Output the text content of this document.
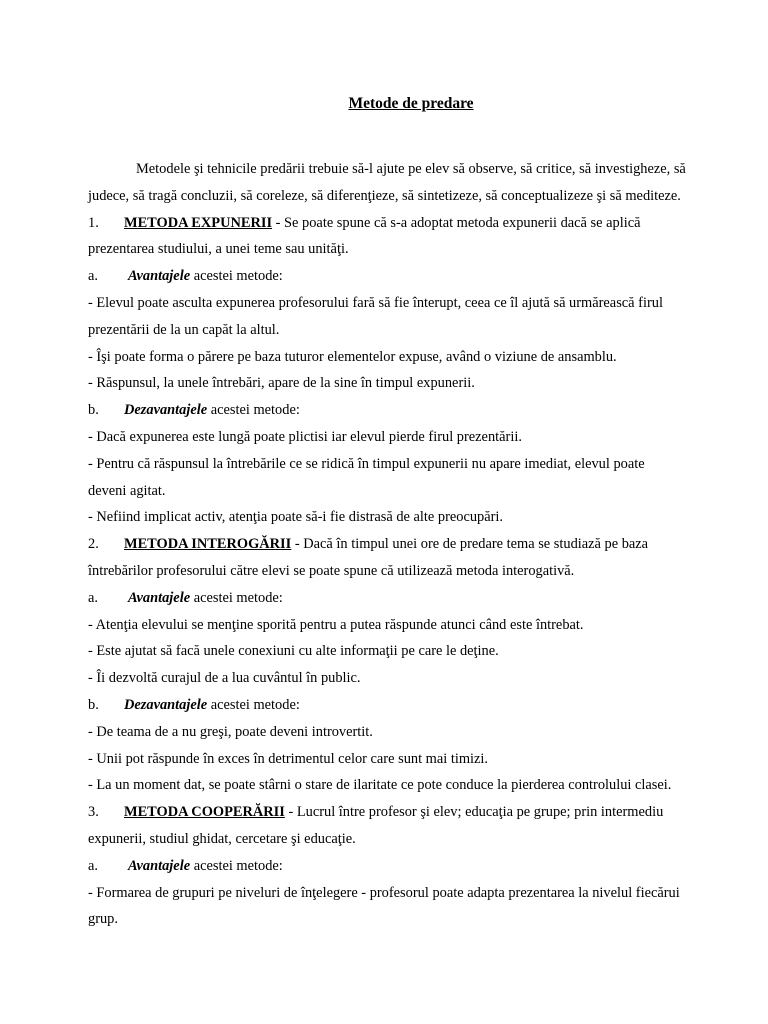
Metode de predare
Metodele şi tehnicile predării trebuie să-l ajute pe elev să observe, să critice, să investigheze, să
judece, să tragă concluzii, să coreleze, să diferenţieze, să sintetizeze, să conceptualizeze şi să mediteze.
1. METODA EXPUNERII - Se poate spune că s-a adoptat metoda expunerii dacă se aplică
prezentarea studiului, a unei teme sau unităţi.
a. Avantajele acestei metode:
- Elevul poate asculta expunerea profesorului fară să fie înterupt, ceea ce îl ajută să urmărească firul
prezentării de la un capăt la altul.
- Îşi poate forma o părere pe baza tuturor elementelor expuse, având o viziune de ansamblu.
- Răspunsul, la unele întrebări, apare de la sine în timpul expunerii.
b. Dezavantajele acestei metode:
- Dacă expunerea este lungă poate plictisi iar elevul pierde firul prezentării.
- Pentru că răspunsul la întrebările ce se ridică în timpul expunerii nu apare imediat, elevul poate
deveni agitat.
- Nefiind implicat activ, atenţia poate să-i fie distrasă de alte preocupări.
2. METODA INTEROGĂRII - Dacă în timpul unei ore de predare tema se studiază pe baza
întrebărilor profesorului către elevi se poate spune că utilizează metoda interogativă.
a. Avantajele acestei metode:
- Atenţia elevului se menţine sporită pentru a putea răspunde atunci când este întrebat.
- Este ajutat să facă unele conexiuni cu alte informaţii pe care le deţine.
- Îi dezvoltă curajul de a lua cuvântul în public.
b. Dezavantajele acestei metode:
- De teama de a nu greşi, poate deveni introvertit.
- Unii pot răspunde în exces în detrimentul celor care sunt mai timizi.
- La un moment dat, se poate stârni o stare de ilaritate ce pote conduce la pierderea controlului clasei.
3. METODA COOPERĂRII - Lucrul între profesor şi elev; educaţia pe grupe; prin intermediu
expunerii, studiul ghidat, cercetare şi educaţie.
a. Avantajele acestei metode:
- Formarea de grupuri pe niveluri de înţelegere - profesorul poate adapta prezentarea la nivelul fiecărui
grup.
